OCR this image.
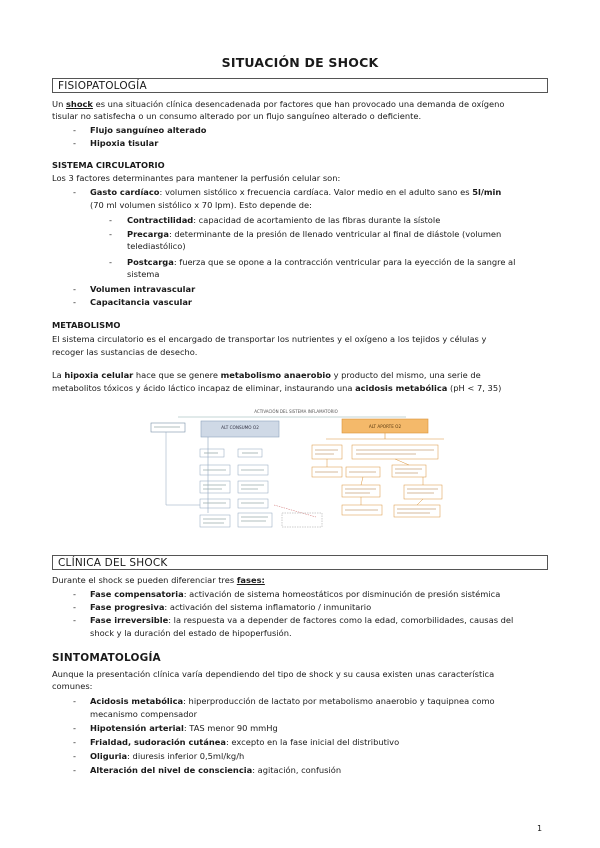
SITUACIÓN DE SHOCK
FISIOPATOLOGÍA
Un shock es una situación clínica desencadenada por factores que han provocado una demanda de oxígeno
tisular no satisfecha o un consumo alterado por un flujo sanguíneo alterado o deficiente.
- Flujo sanguíneo alterado
- Hipoxia tisular
SISTEMA CIRCULATORIO
Los 3 factores determinantes para mantener la perfusión celular son:
- Gasto cardíaco: volumen sistólico x frecuencia cardíaca. Valor medio en el adulto sano es 5l/min
(70 ml volumen sistólico x 70 lpm). Esto depende de:
- Contractilidad: capacidad de acortamiento de las fibras durante la sístole
- Precarga: determinante de la presión de llenado ventricular al final de diástole (volumen
telediastólico)
- Postcarga: fuerza que se opone a la contracción ventricular para la eyección de la sangre al
sistema
- Volumen intravascular
- Capacitancia vascular
METABOLISMO
El sistema circulatorio es el encargado de transportar los nutrientes y el oxígeno a los tejidos y células y
recoger las sustancias de desecho.
La hipoxia celular hace que se genere metabolismo anaerobio y producto del mismo, una serie de
metabolitos tóxicos y ácido láctico incapaz de eliminar, instaurando una acidosis metabólica (pH < 7, 35)
ACTIVACIÓN DEL SISTEMA INFLAMATORIO
ALT CONSUMO O2	ALT APORTE O2
CLÍNICA DEL SHOCK
Durante el shock se pueden diferenciar tres fases:
- Fase compensatoria: activación de sistema homeostáticos por disminución de presión sistémica
- Fase progresiva: activación del sistema inflamatorio / inmunitario
- Fase irreversible: la respuesta va a depender de factores como la edad, comorbilidades, causas del
shock y la duración del estado de hipoperfusión.
SINTOMATOLOGÍA
Aunque la presentación clínica varía dependiendo del tipo de shock y su causa existen unas característica
comunes:
- Acidosis metabólica: hiperproducción de lactato por metabolismo anaerobio y taquipnea como
mecanismo compensador
- Hipotensión arterial: TAS menor 90 mmHg
- Frialdad, sudoración cutánea: excepto en la fase inicial del distributivo
- Oliguria: diuresis inferior 0,5ml/kg/h
- Alteración del nivel de consciencia: agitación, confusión
1
